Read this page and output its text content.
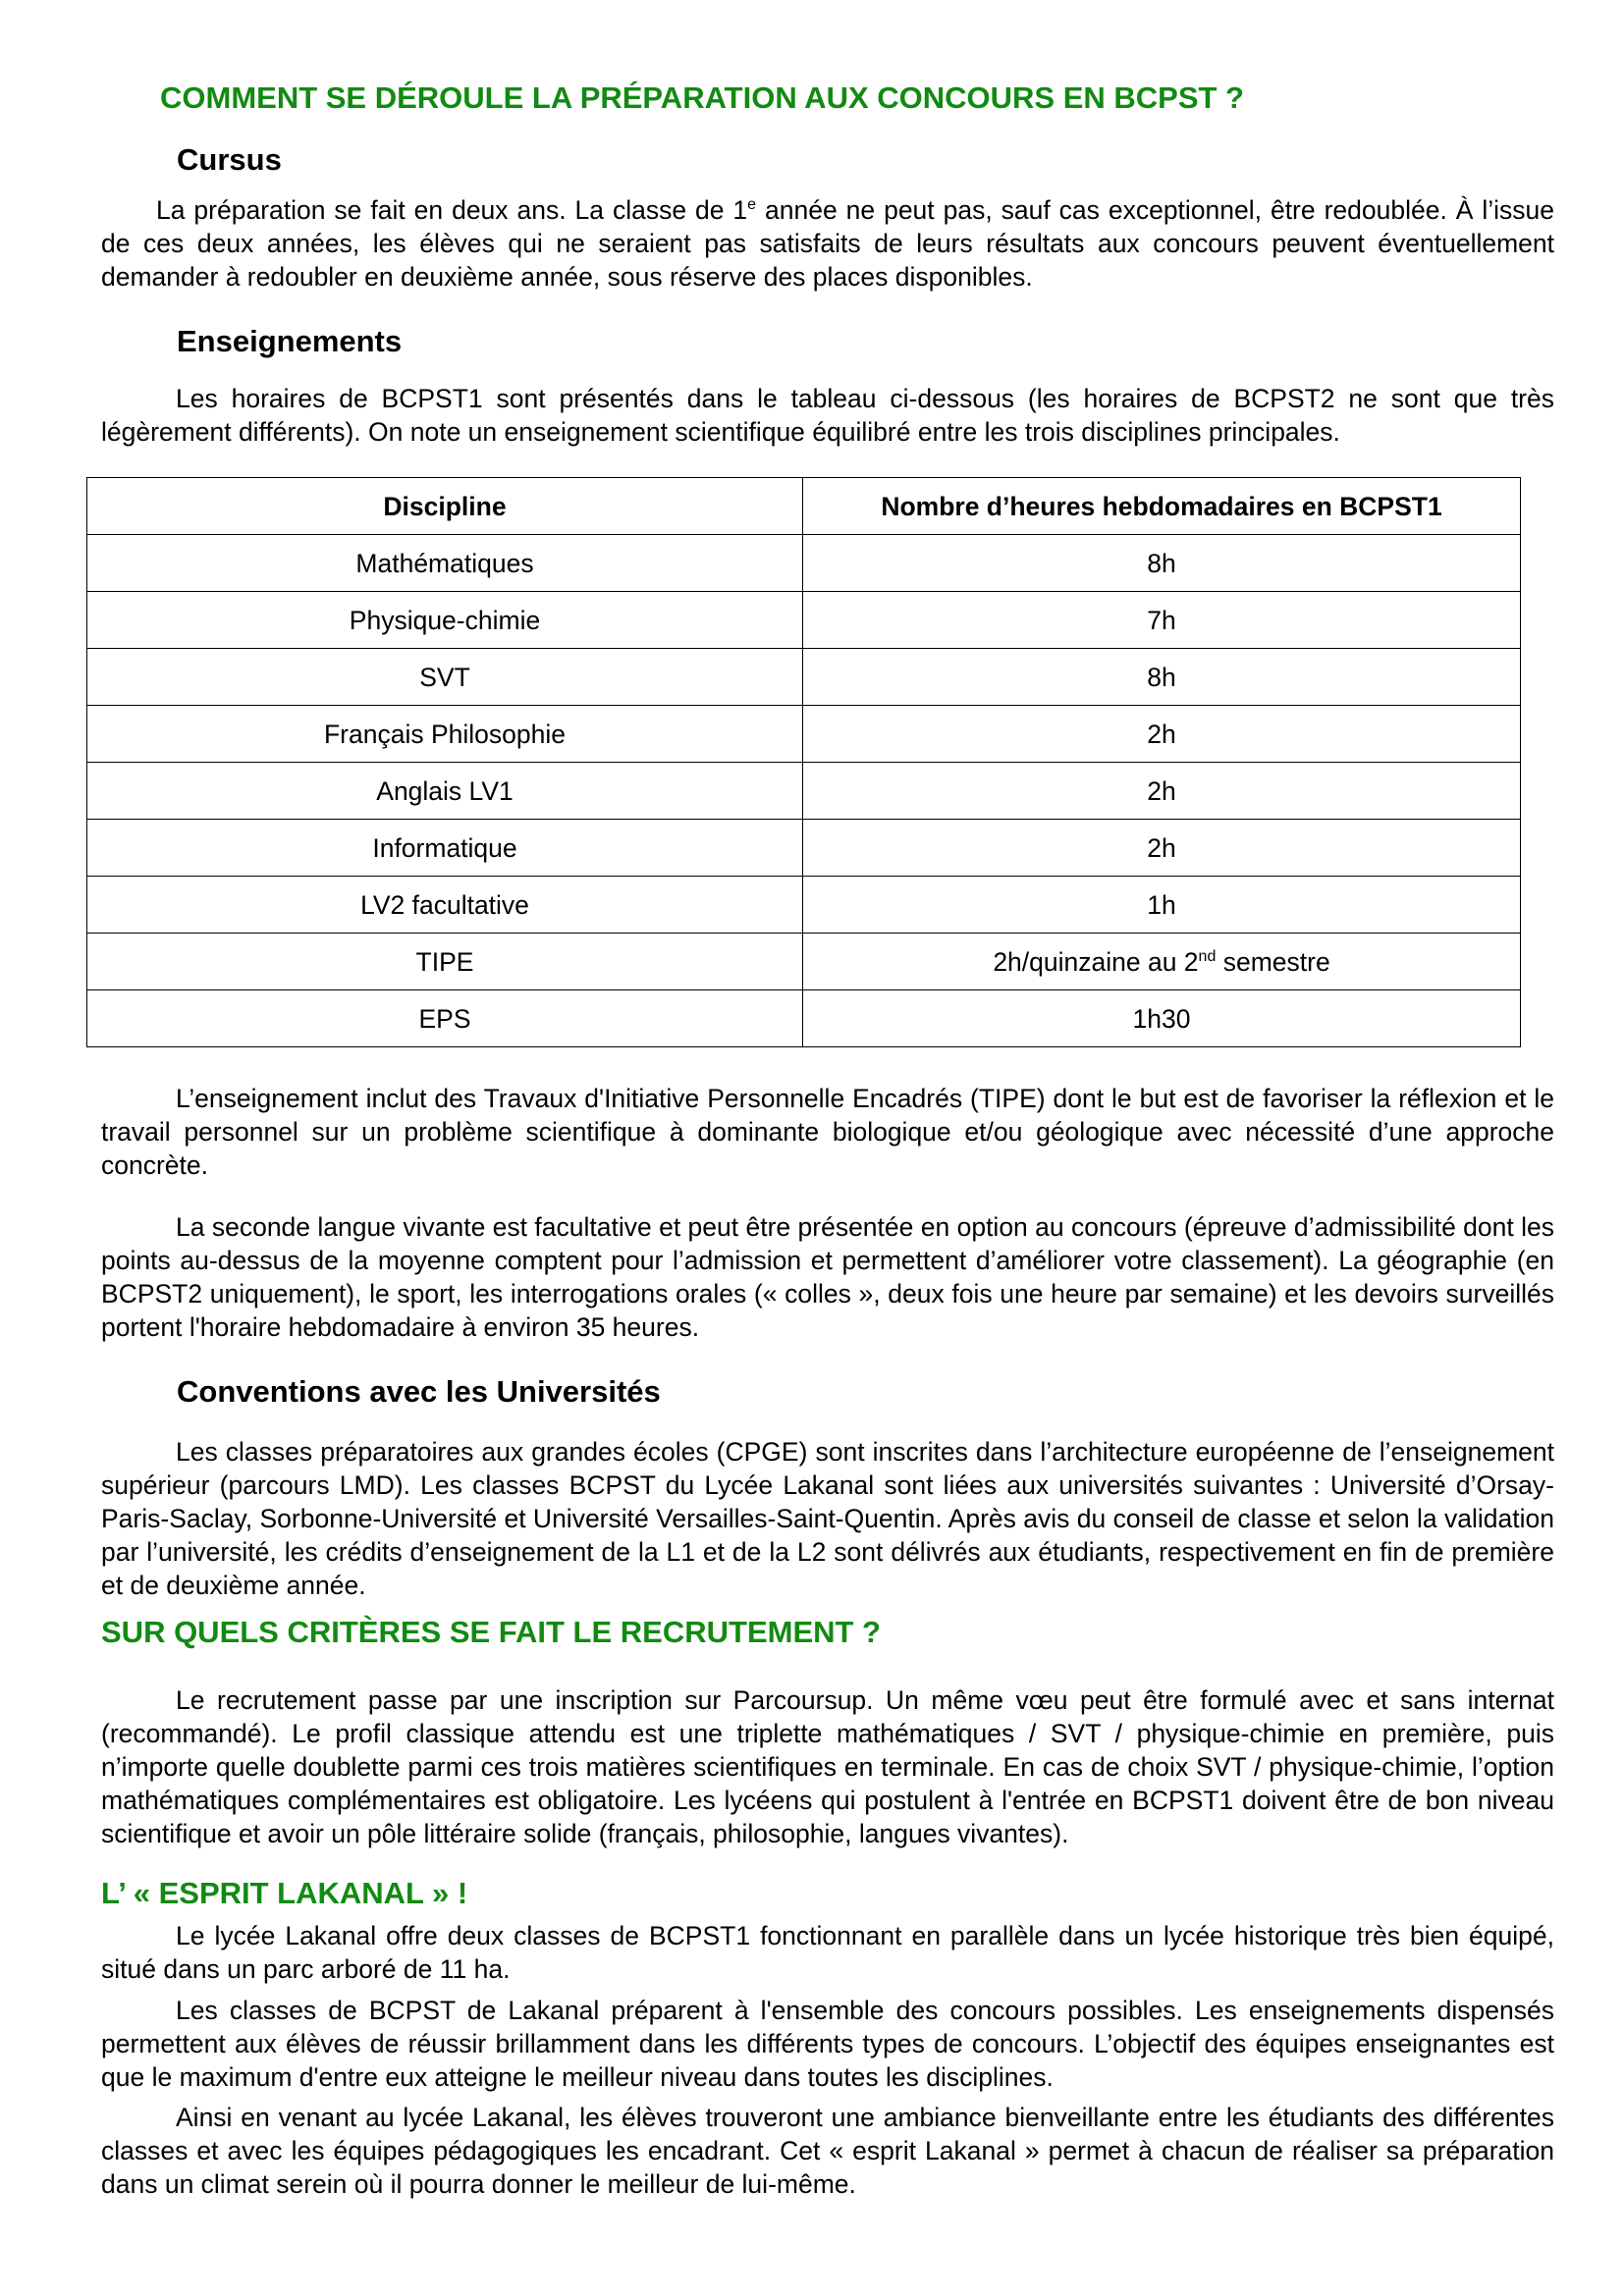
COMMENT SE DÉROULE LA PRÉPARATION AUX CONCOURS EN BCPST ?
Cursus

La préparation se fait en deux ans. La classe de 1e année ne peut pas, sauf cas exceptionnel, être redoublée. À l’issue de ces deux années, les élèves qui ne seraient pas satisfaits de leurs résultats aux concours peuvent éventuellement demander à redoubler en deuxième année, sous réserve des places disponibles.

Enseignements

Les horaires de BCPST1 sont présentés dans le tableau ci-dessous (les horaires de BCPST2 ne sont que très légèrement différents). On note un enseignement scientifique équilibré entre les trois disciplines principales.

Discipline	Nombre d’heures hebdomadaires en BCPST1
Mathématiques	8h
Physique-chimie	7h
SVT	8h
Français Philosophie	2h
Anglais LV1	2h
Informatique	2h
LV2 facultative	1h
TIPE	2h/quinzaine au 2nd semestre
EPS	1h30

L’enseignement inclut des Travaux d'Initiative Personnelle Encadrés (TIPE) dont le but est de favoriser la réflexion et le travail personnel sur un problème scientifique à dominante biologique et/ou géologique avec nécessité d’une approche concrète.

La seconde langue vivante est facultative et peut être présentée en option au concours (épreuve d’admissibilité dont les points au-dessus de la moyenne comptent pour l’admission et permettent d’améliorer votre classement). La géographie (en BCPST2 uniquement), le sport, les interrogations orales (« colles », deux fois une heure par semaine) et les devoirs surveillés portent l'horaire hebdomadaire à environ 35 heures.

Conventions avec les Universités

Les classes préparatoires aux grandes écoles (CPGE) sont inscrites dans l’architecture européenne de l’enseignement supérieur (parcours LMD). Les classes BCPST du Lycée Lakanal sont liées aux universités suivantes : Université d’Orsay-Paris-Saclay, Sorbonne-Université et Université Versailles-Saint-Quentin. Après avis du conseil de classe et selon la validation par l’université, les crédits d’enseignement de la L1 et de la L2 sont délivrés aux étudiants, respectivement en fin de première et de deuxième année.

SUR QUELS CRITÈRES SE FAIT LE RECRUTEMENT ?

Le recrutement passe par une inscription sur Parcoursup. Un même vœu peut être formulé avec et sans internat (recommandé). Le profil classique attendu est une triplette mathématiques / SVT / physique-chimie en première, puis n’importe quelle doublette parmi ces trois matières scientifiques en terminale. En cas de choix SVT / physique-chimie, l’option mathématiques complémentaires est obligatoire. Les lycéens qui postulent à l'entrée en BCPST1 doivent être de bon niveau scientifique et avoir un pôle littéraire solide (français, philosophie, langues vivantes).

L’ « ESPRIT LAKANAL » !

Le lycée Lakanal offre deux classes de BCPST1 fonctionnant en parallèle dans un lycée historique très bien équipé, situé dans un parc arboré de 11 ha.

Les classes de BCPST de Lakanal préparent à l'ensemble des concours possibles. Les enseignements dispensés permettent aux élèves de réussir brillamment dans les différents types de concours. L’objectif des équipes enseignantes est que le maximum d'entre eux atteigne le meilleur niveau dans toutes les disciplines.

Ainsi en venant au lycée Lakanal, les élèves trouveront une ambiance bienveillante entre les étudiants des différentes classes et avec les équipes pédagogiques les encadrant. Cet « esprit Lakanal » permet à chacun de réaliser sa préparation dans un climat serein où il pourra donner le meilleur de lui-même.
